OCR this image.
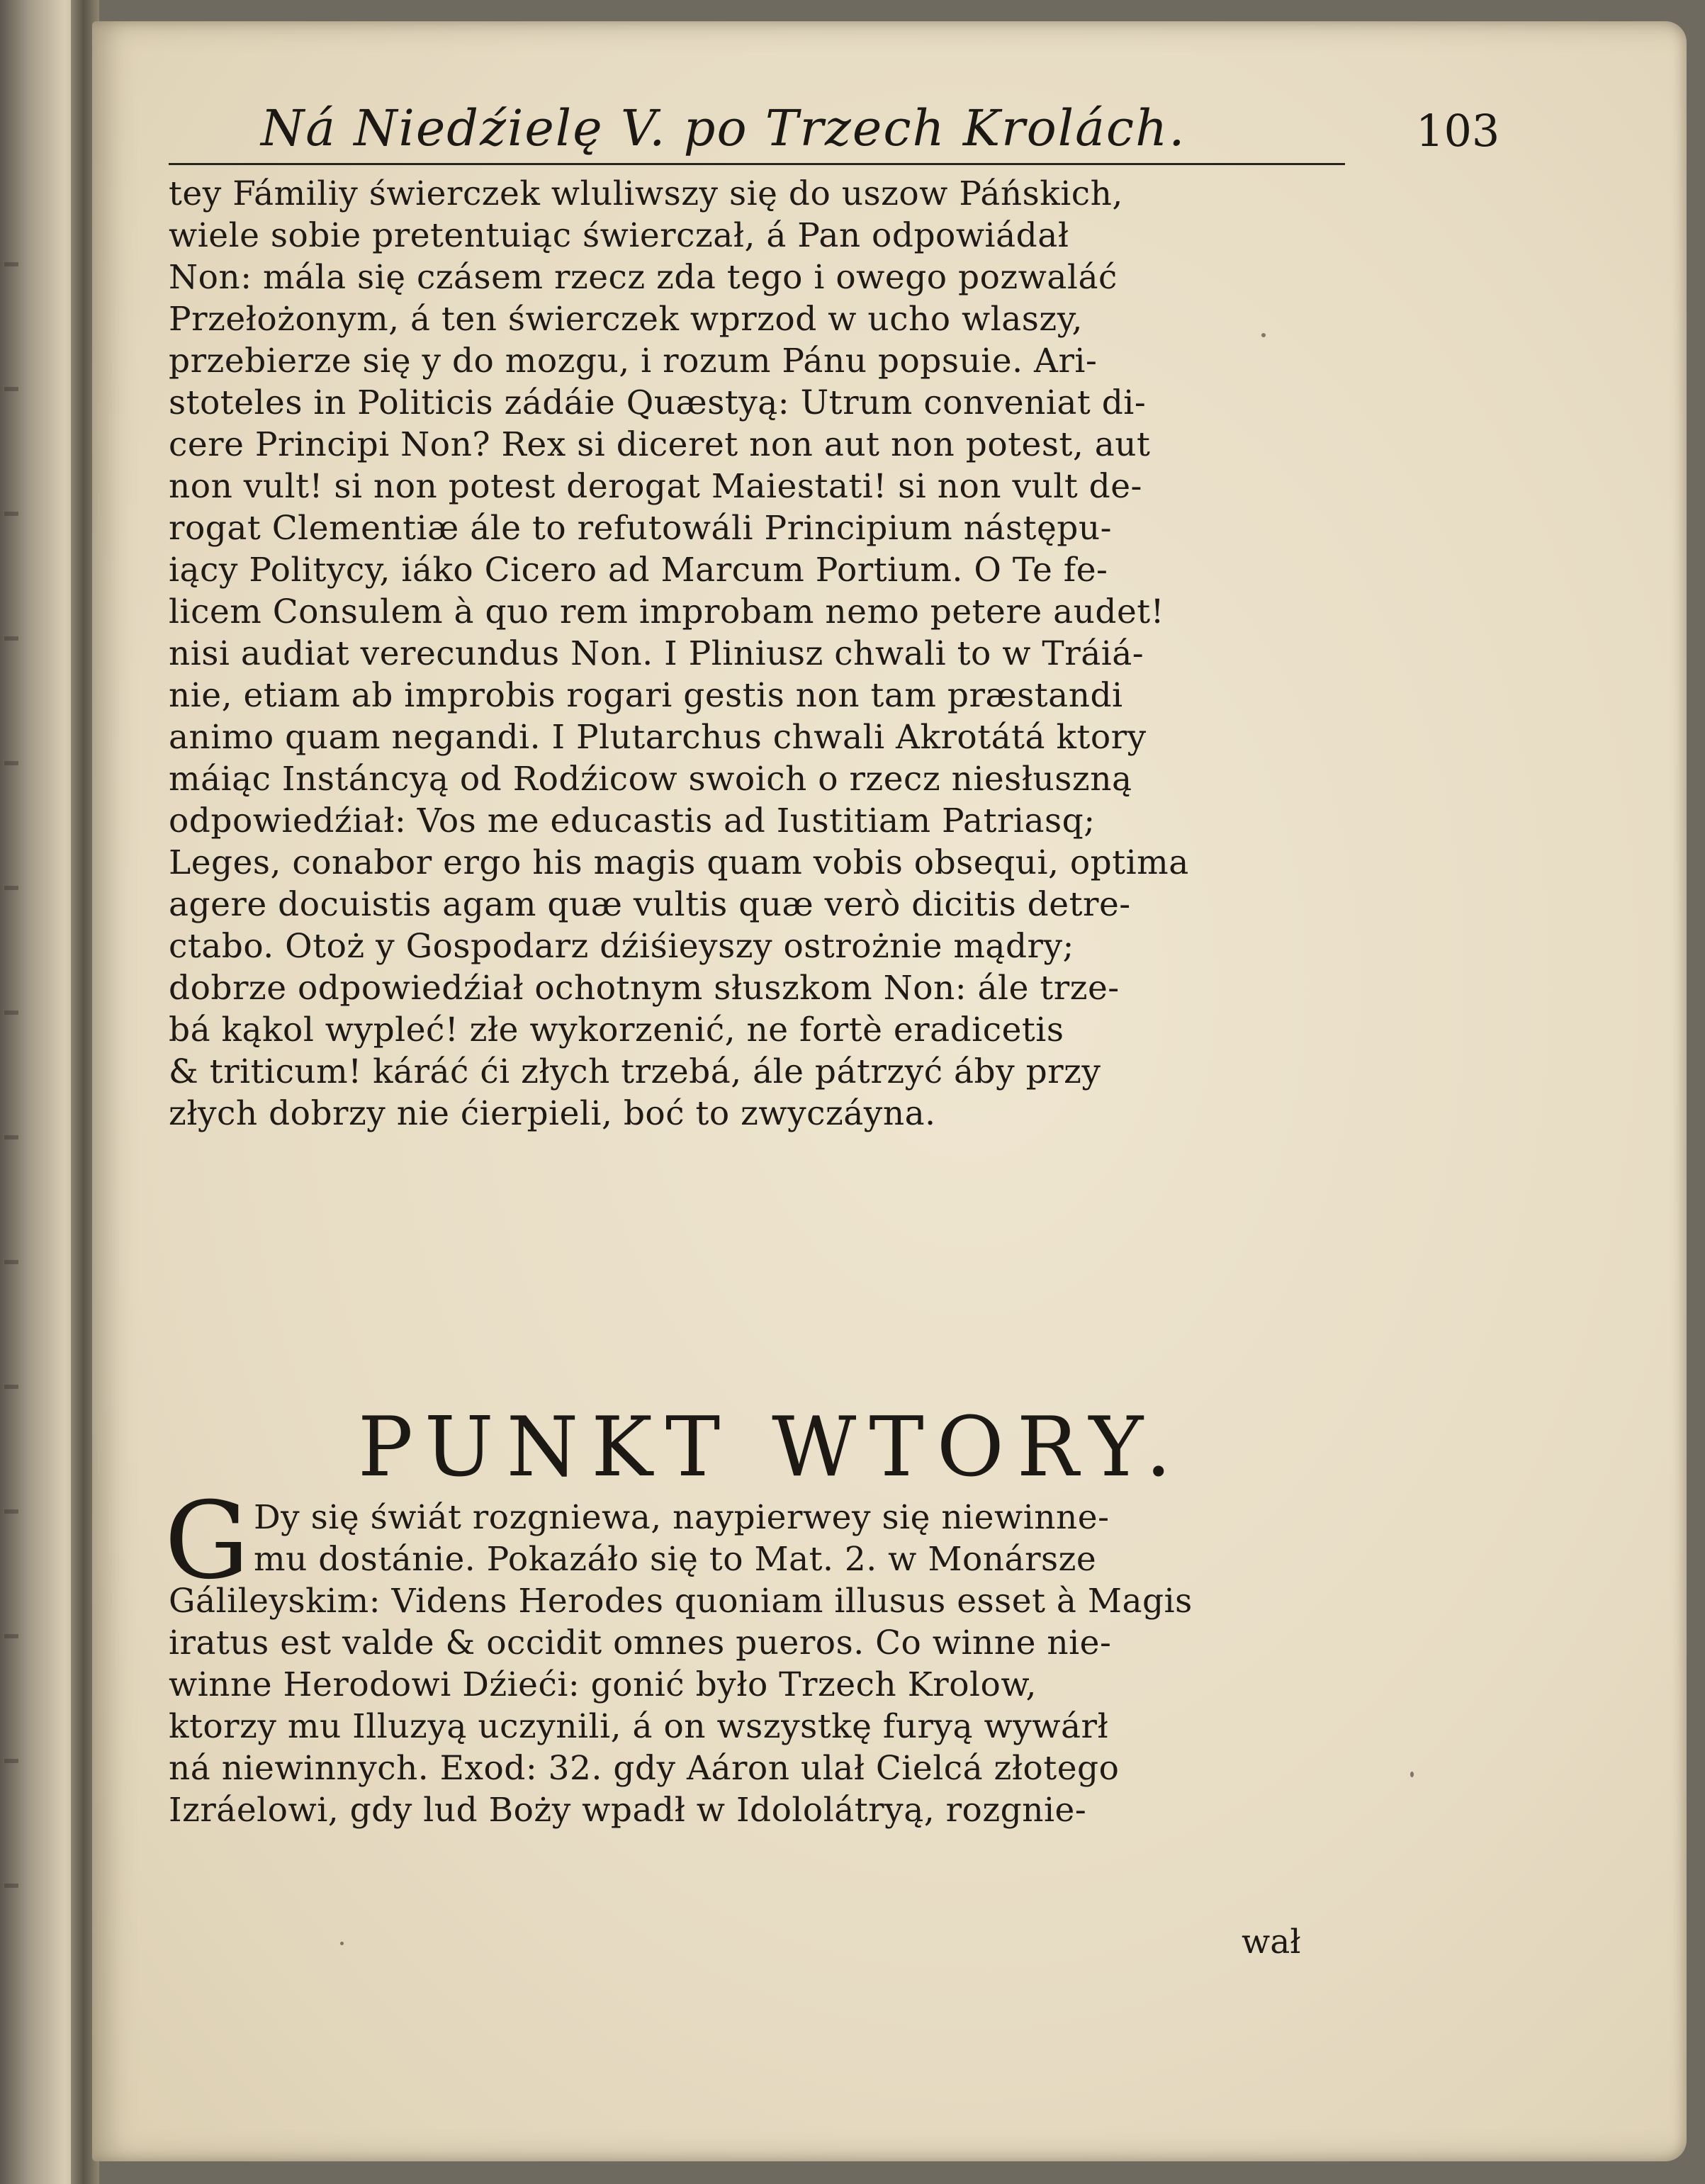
Ná Niedźielę V. po Trzech Krolách.	103
tey Fámiliy świerczek wluliwszy się do uszow Páńskich,
wiele sobie pretentuiąc świerczał, á Pan odpowiádał
Non: mála się czásem rzecz zda tego i owego pozwaláć
Przełożonym, á ten świerczek wprzod w ucho wlaszy,
przebierze się y do mozgu, i rozum Pánu popsuie. Ari-
stoteles in Politicis zádáie Quæstyą: Utrum conveniat di-
cere Principi Non? Rex si diceret non aut non potest, aut
non vult! si non potest derogat Maiestati! si non vult de-
rogat Clementiæ ále to refutowáli Principium nástępu-
iący Politycy, iáko Cicero ad Marcum Portium. O Te fe-
licem Consulem à quo rem improbam nemo petere audet!
nisi audiat verecundus Non. I Pliniusz chwali to w Tráiá-
nie, etiam ab improbis rogari gestis non tam præstandi
animo quam negandi. I Plutarchus chwali Akrotátá ktory
máiąc Instáncyą od Rodźicow swoich o rzecz niesłuszną
odpowiedźiał: Vos me educastis ad Iustitiam Patriasq;
Leges, conabor ergo his magis quam vobis obsequi, optima
agere docuistis agam quæ vultis quæ verò dicitis detre-
ctabo. Otoż y Gospodarz dźiśieyszy ostrożnie mądry;
dobrze odpowiedźiał ochotnym słuszkom Non: ále trze-
bá kąkol wypleć! złe wykorzenić, ne fortè eradicetis
& triticum! káráć ći złych trzebá, ále pátrzyć áby przy
złych dobrzy nie ćierpieli, boć to zwyczáyna.
PUNKT WTORY.
G Dy się świát rozgniewa, naypierwey się niewinne-
mu dostánie. Pokazáło się to Mat. 2. w Monárszе
Gálileyskim: Videns Herodes quoniam illusus esset à Magis
iratus est valde & occidit omnes pueros. Co winne nie-
winne Herodowi Dźieći: gonić było Trzech Krolow,
ktorzy mu Illuzyą uczynili, á on wszystkę furyą wywárł
ná niewinnych. Exod: 32. gdy Aáron ulał Cielcá złotego
Izráelowi, gdy lud Boży wpadł w Idololátryą, rozgnie-
wał
